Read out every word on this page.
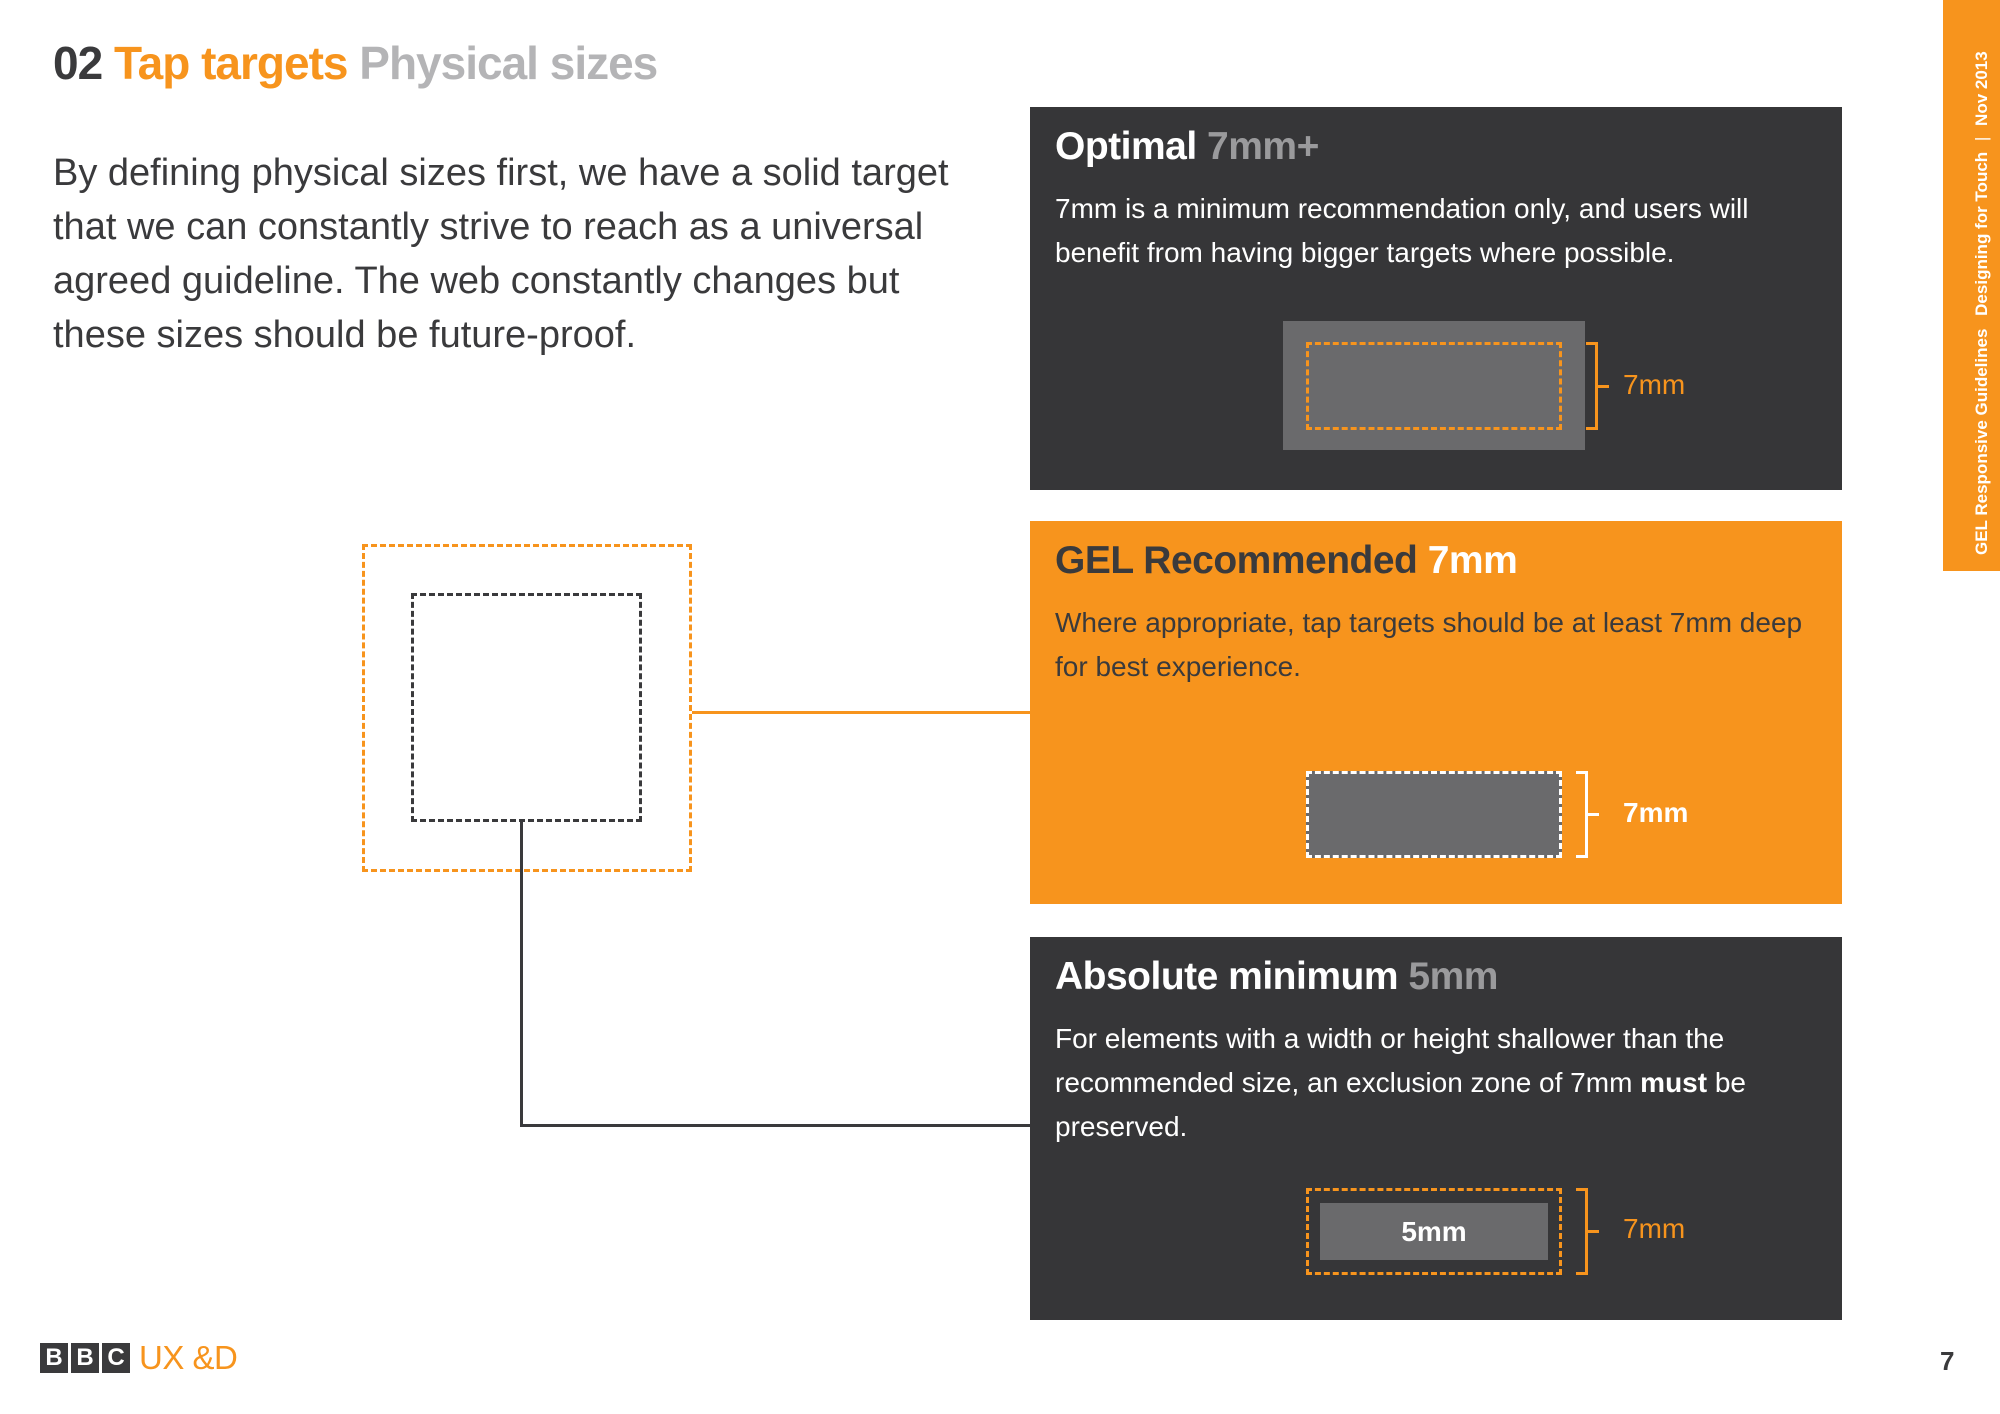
02 Tap targets Physical sizes
By defining physical sizes first, we have a solid target that we can constantly strive to reach as a universal agreed guideline. The web constantly changes but these sizes should be future-proof.
Optimal 7mm+

7mm is a minimum recommendation only, and users will benefit from having bigger targets where possible.

7mm
GEL Recommended 7mm

Where appropriate, tap targets should be at least 7mm deep for best experience.

7mm
Absolute minimum 5mm

For elements with a width or height shallower than the recommended size, an exclusion zone of 7mm must be preserved.

5mm	7mm
GEL Responsive Guidelines Designing for Touch | Nov 2013
B B C UX &D	7
